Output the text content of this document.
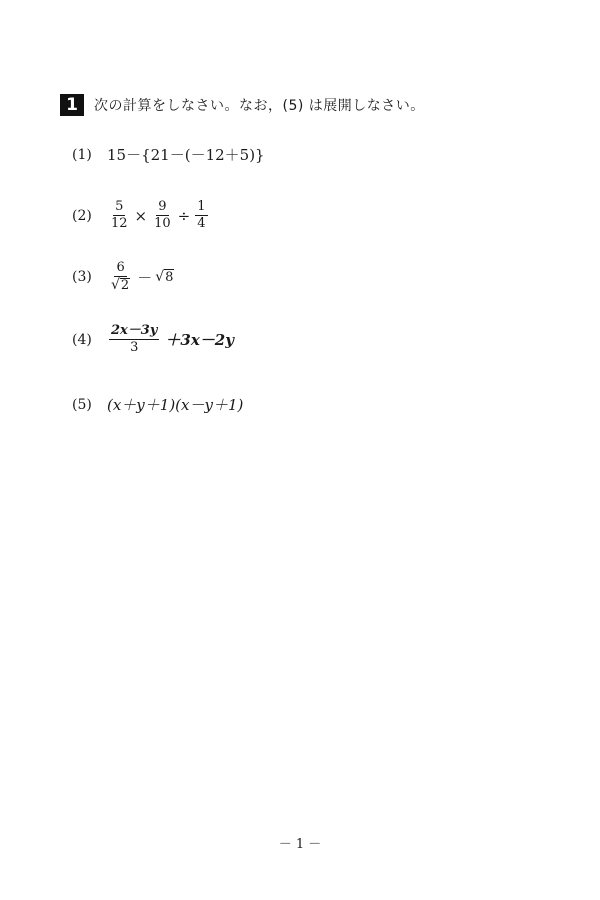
1	次の計算をしなさい。なお，(5) は展開しなさい。
(1)	15－{21－(－12＋5)}
(2)	$\frac{5}{12} \times \frac{9}{10} \div \frac{1}{4}$
(3)	$\frac{6}{√ 2}$ － √ 8
(4)	$\frac{2x-3y}{3} +3x-2y$
(5)	(x＋y＋1)(x－y＋1)
－ 1 －
